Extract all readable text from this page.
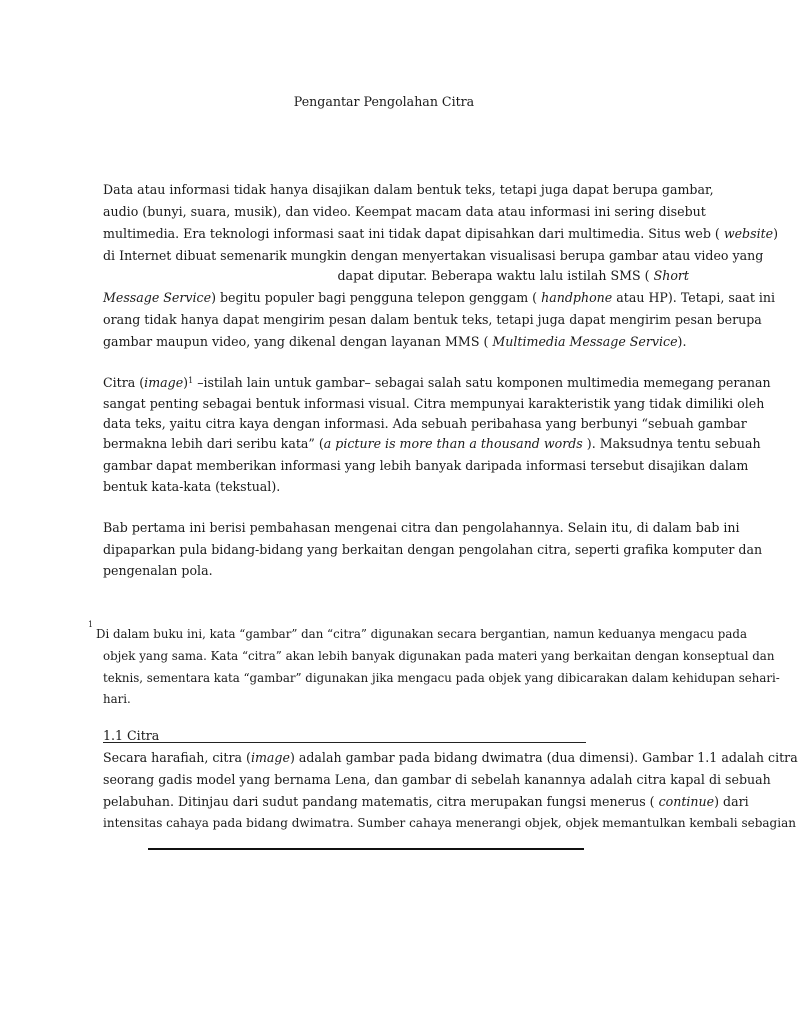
Pengantar Pengolahan Citra
Data atau informasi tidak hanya disajikan dalam bentuk teks, tetapi juga dapat berupa gambar,
audio (bunyi, suara, musik), dan video. Keempat macam data atau informasi ini sering disebut
multimedia. Era teknologi informasi saat ini tidak dapat dipisahkan dari multimedia. Situs web ( website)
di Internet dibuat semenarik mungkin dengan menyertakan visualisasi berupa gambar atau video yang
dapat diputar. Beberapa waktu lalu istilah SMS ( Short
Message Service) begitu populer bagi pengguna telepon genggam ( handphone atau HP). Tetapi, saat ini
orang tidak hanya dapat mengirim pesan dalam bentuk teks, tetapi juga dapat mengirim pesan berupa
gambar maupun video, yang dikenal dengan layanan MMS ( Multimedia Message Service).
Citra (image)$^1$ –istilah lain untuk gambar– sebagai salah satu komponen multimedia memegang peranan
sangat penting sebagai bentuk informasi visual. Citra mempunyai karakteristik yang tidak dimiliki oleh
data teks, yaitu citra kaya dengan informasi. Ada sebuah peribahasa yang berbunyi “sebuah gambar
bermakna lebih dari seribu kata” (a picture is more than a thousand words ). Maksudnya tentu sebuah
gambar dapat memberikan informasi yang lebih banyak daripada informasi tersebut disajikan dalam
bentuk kata-kata (tekstual).
Bab pertama ini berisi pembahasan mengenai citra dan pengolahannya. Selain itu, di dalam bab ini
dipaparkan pula bidang-bidang yang berkaitan dengan pengolahan citra, seperti grafika komputer dan
pengenalan pola.
1
Di dalam buku ini, kata “gambar” dan “citra” digunakan secara bergantian, namun keduanya mengacu pada
objek yang sama. Kata “citra” akan lebih banyak digunakan pada materi yang berkaitan dengan konseptual dan
teknis, sementara kata “gambar” digunakan jika mengacu pada objek yang dibicarakan dalam kehidupan sehari-
hari.
1.1 Citra
Secara harafiah, citra (image) adalah gambar pada bidang dwimatra (dua dimensi). Gambar 1.1 adalah citra
seorang gadis model yang bernama Lena, dan gambar di sebelah kanannya adalah citra kapal di sebuah
pelabuhan. Ditinjau dari sudut pandang matematis, citra merupakan fungsi menerus ( continue) dari
intensitas cahaya pada bidang dwimatra. Sumber cahaya menerangi objek, objek memantulkan kembali sebagian
